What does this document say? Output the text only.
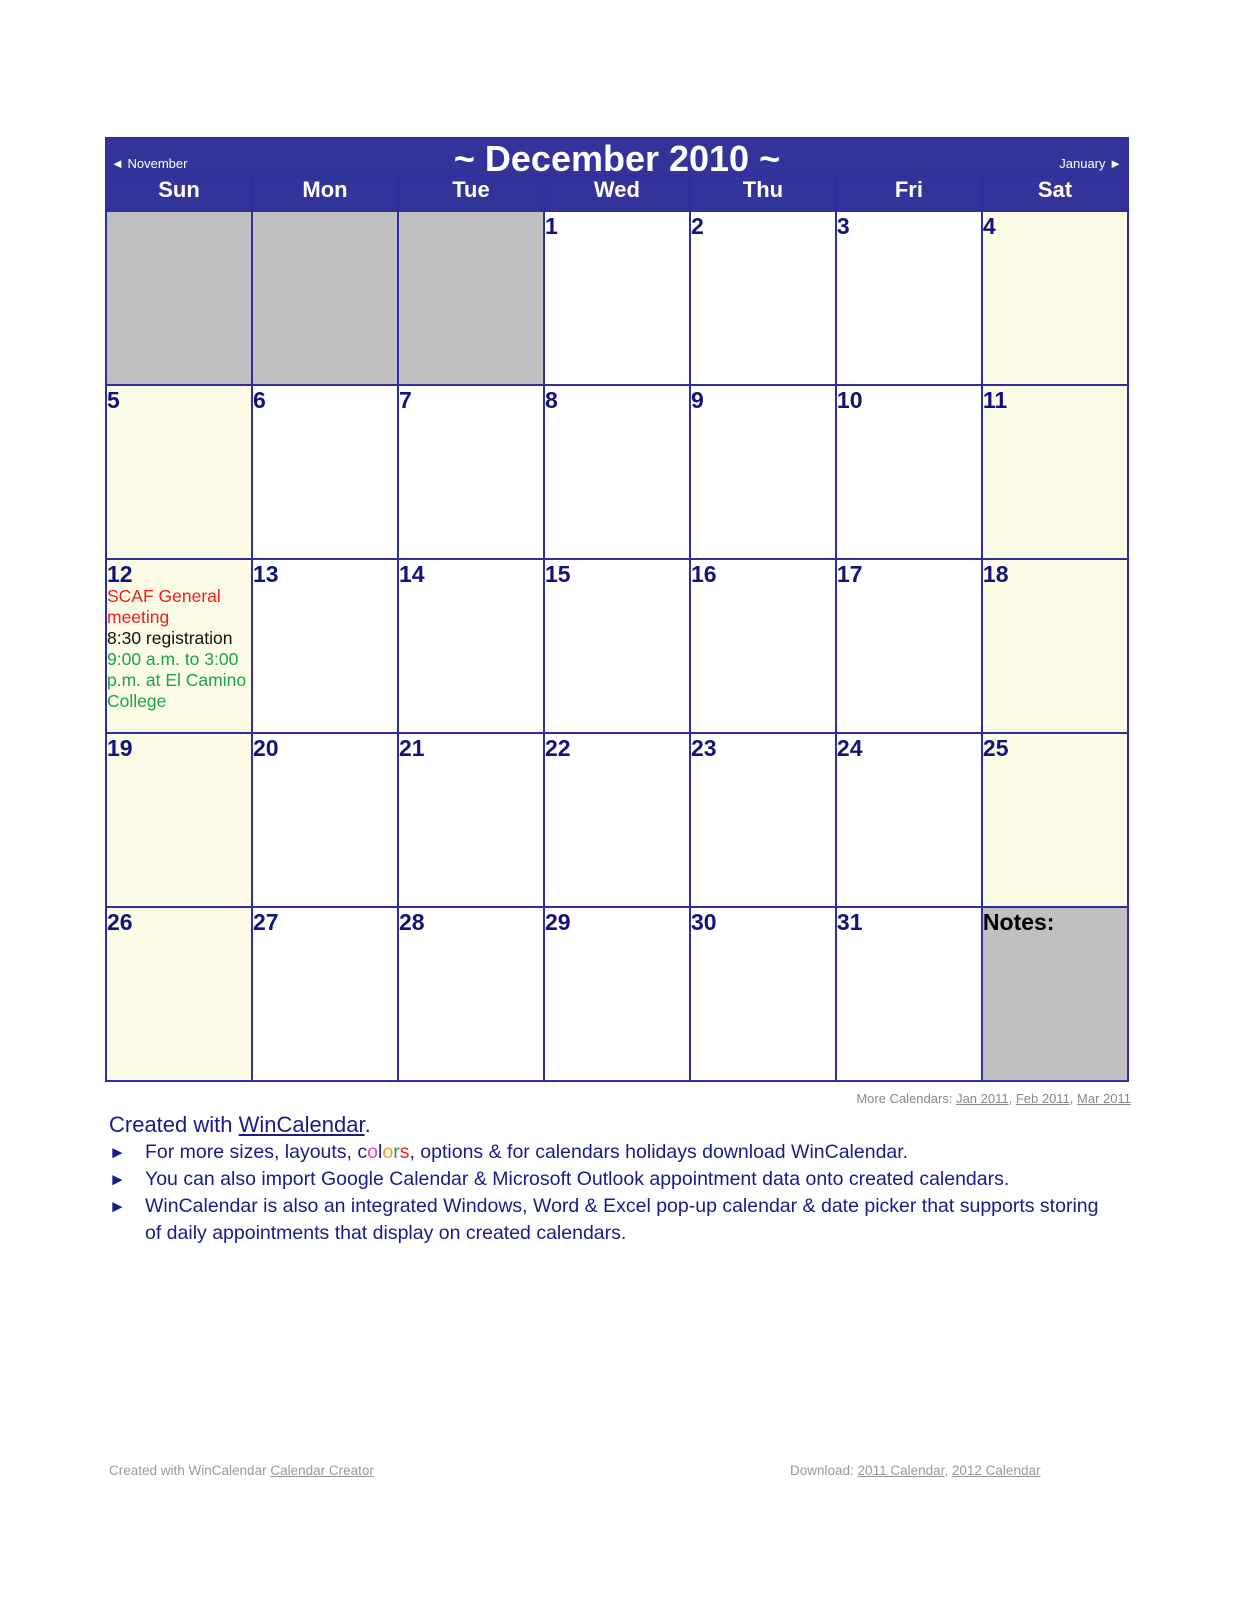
◄ November ~ December 2010 ~ January ►						

Sun	Mon	Tue	Wed	Thu	Fri	Sat

			1	2	3	4

5	6	7	8	9	10	11

12
SCAF General meeting
8:30 registration
9:00 a.m. to 3:00 p.m. at El Camino College	13	14	15	16	17	18

19	20	21	22	23	24	25

26	27	28	29	30	31	Notes:
More Calendars: Jan 2011, Feb 2011, Mar 2011
Created with WinCalendar.
► For more sizes, layouts, colors, options & for calendars holidays download WinCalendar.
► You can also import Google Calendar & Microsoft Outlook appointment data onto created calendars.
► WinCalendar is also an integrated Windows, Word & Excel pop-up calendar & date picker that supports storing of daily appointments that display on created calendars.
Created with WinCalendar Calendar Creator	Download: 2011 Calendar, 2012 Calendar
